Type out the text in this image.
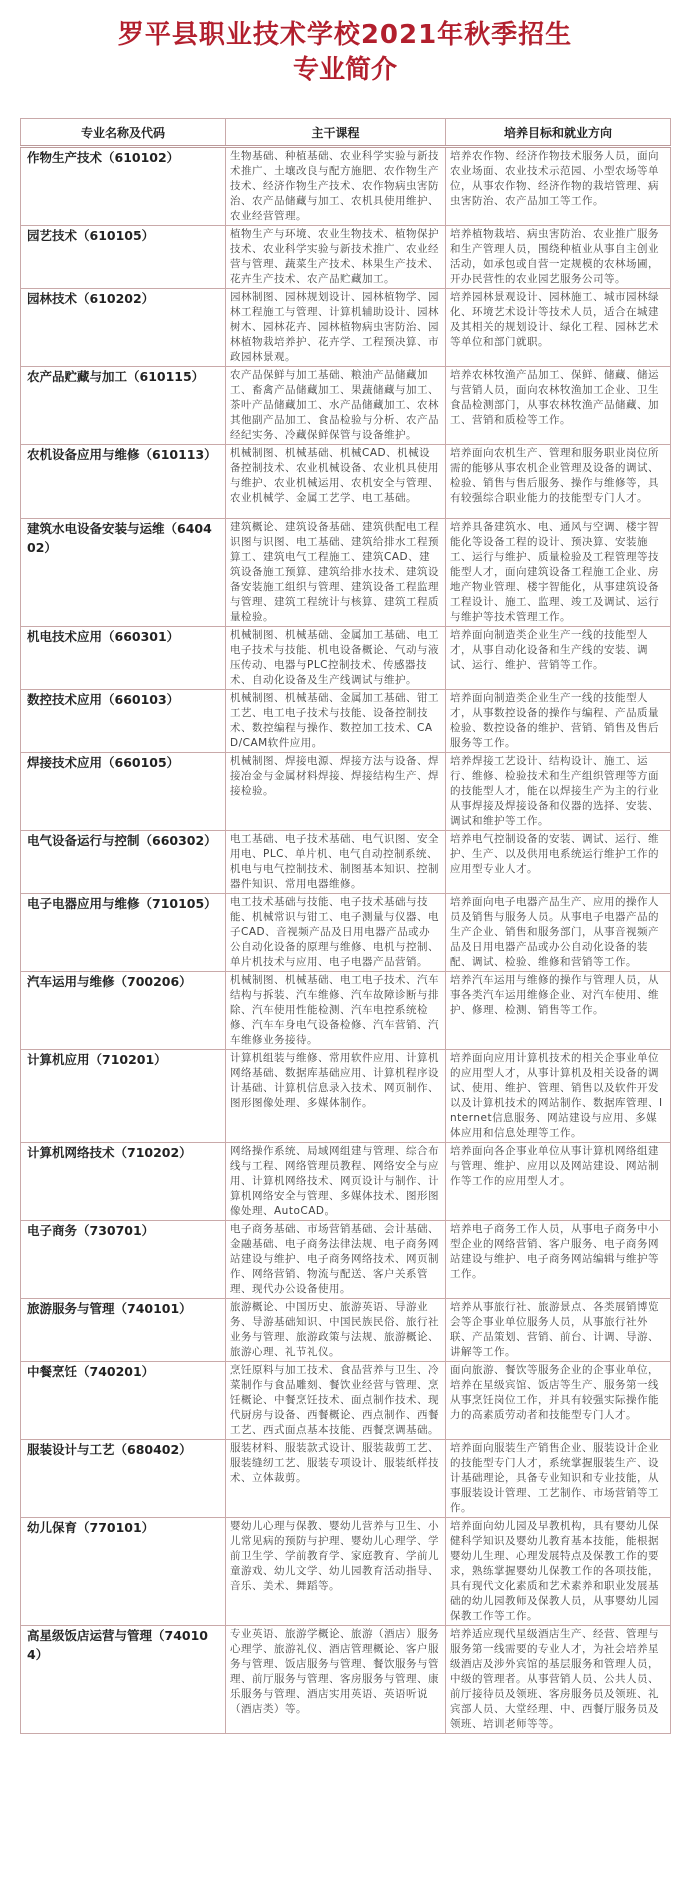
罗平县职业技术学校2021年秋季招生
专业简介
专业名称及代码	主干课程	培养目标和就业方向
作物生产技术（610102）	生物基础、种植基础、农业科学实验与新技术推广、土壤改良与配方施肥、农作物生产技术、经济作物生产技术、农作物病虫害防治、农产品储藏与加工、农机具使用维护、农业经营管理。	培养农作物、经济作物技术服务人员，面向农业场面、农业技术示范园、小型农场等单位，从事农作物、经济作物的栽培管理、病虫害防治、农产品加工等工作。
园艺技术（610105）	植物生产与环境、农业生物技术、植物保护技术、农业科学实验与新技术推广、农业经营与管理、蔬菜生产技术、林果生产技术、花卉生产技术、农产品贮藏加工。	培养植物栽培、病虫害防治、农业推广服务和生产管理人员，围绕种植业从事自主创业活动，如承包或自营一定规模的农林场圃，开办民营性的农业园艺服务公司等。
园林技术（610202）	园林制图、园林规划设计、园林植物学、园林工程施工与管理、计算机辅助设计、园林树木、园林花卉、园林植物病虫害防治、园林植物栽培养护、花卉学、工程预决算、市政园林景观。	培养园林景观设计、园林施工、城市园林绿化、环境艺术设计等技术人员，适合在城建及其相关的规划设计、绿化工程、园林艺术等单位和部门就职。
农产品贮藏与加工（610115）	农产品保鲜与加工基础、粮油产品储藏加工、畜禽产品储藏加工、果蔬储藏与加工、茶叶产品储藏加工、水产品储藏加工、农林其他副产品加工、食品检验与分析、农产品经纪实务、冷藏保鲜保管与设备维护。	培养农林牧渔产品加工、保鲜、储藏、储运与营销人员，面向农林牧渔加工企业、卫生食品检测部门，从事农林牧渔产品储藏、加工、营销和质检等工作。
农机设备应用与维修（610113）	机械制图、机械基础、机械CAD、机械设备控制技术、农业机械设备、农业机具使用与维护、农业机械运用、农机安全与管理、农业机械学、金属工艺学、电工基础。	培养面向农机生产、管理和服务职业岗位所需的能够从事农机企业管理及设备的调试、检验、销售与售后服务、操作与维修等，具有较强综合职业能力的技能型专门人才。
建筑水电设备安装与运维（640402）	建筑概论、建筑设备基础、建筑供配电工程识图与识图、电工基础、建筑给排水工程预算工、建筑电气工程施工、建筑CAD、建筑设备施工预算、建筑给排水技术、建筑设备安装施工组织与管理、建筑设备工程监理与管理、建筑工程统计与核算、建筑工程质量检验。	培养具备建筑水、电、通风与空调、楼宇智能化等设备工程的设计、预决算、安装施工、运行与维护、质量检验及工程管理等技能型人才，面向建筑设备工程施工企业、房地产物业管理、楼宇智能化，从事建筑设备工程设计、施工、监理、竣工及调试、运行与维护等技术管理工作。
机电技术应用（660301）	机械制图、机械基础、金属加工基础、电工电子技术与技能、机电设备概论、气动与液压传动、电器与PLC控制技术、传感器技术、自动化设备及生产线调试与维护。	培养面向制造类企业生产一线的技能型人才，从事自动化设备和生产线的安装、调试、运行、维护、营销等工作。
数控技术应用（660103）	机械制图、机械基础、金属加工基础、钳工工艺、电工电子技术与技能、设备控制技术、数控编程与操作、数控加工技术、CAD/CAM软件应用。	培养面向制造类企业生产一线的技能型人才，从事数控设备的操作与编程、产品质量检验、数控设备的维护、营销、销售及售后服务等工作。
焊接技术应用（660105）	机械制图、焊接电源、焊接方法与设备、焊接冶金与金属材料焊接、焊接结构生产、焊接检验。	培养焊接工艺设计、结构设计、施工、运行、维修、检验技术和生产组织管理等方面的技能型人才，能在以焊接生产为主的行业从事焊接及焊接设备和仪器的选择、安装、调试和维护等工作。
电气设备运行与控制（660302）	电工基础、电子技术基础、电气识图、安全用电、PLC、单片机、电气自动控制系统、机电与电气控制技术、制图基本知识、控制器件知识、常用电器维修。	培养电气控制设备的安装、调试、运行、维护、生产、以及供用电系统运行维护工作的应用型专业人才。
电子电器应用与维修（710105）	电工技术基础与技能、电子技术基础与技能、机械常识与钳工、电子测量与仪器、电子CAD、音视频产品及日用电器产品或办公自动化设备的原理与维修、电机与控制、单片机技术与应用、电子电器产品营销。	培养面向电子电器产品生产、应用的操作人员及销售与服务人员。从事电子电器产品的生产企业、销售和服务部门，从事音视频产品及日用电器产品或办公自动化设备的装配、调试、检验、维修和营销等工作。
汽车运用与维修（700206）	机械制图、机械基础、电工电子技术、汽车结构与拆装、汽车维修、汽车故障诊断与排除、汽车使用性能检测、汽车电控系统检修、汽车车身电气设备检修、汽车营销、汽车维修业务接待。	培养汽车运用与维修的操作与管理人员，从事各类汽车运用维修企业、对汽车使用、维护、修理、检测、销售等工作。
计算机应用（710201）	计算机组装与维修、常用软件应用、计算机网络基础、数据库基础应用、计算机程序设计基础、计算机信息录入技术、网页制作、图形图像处理、多媒体制作。	培养面向应用计算机技术的相关企事业单位的应用型人才，从事计算机及相关设备的调试、使用、维护、管理、销售以及软件开发以及计算机技术的网站制作、数据库管理、Internet信息服务、网站建设与应用、多媒体应用和信息处理等工作。
计算机网络技术（710202）	网络操作系统、局域网组建与管理、综合布线与工程、网络管理员教程、网络安全与应用、计算机网络技术、网页设计与制作、计算机网络安全与管理、多媒体技术、图形图像处理、AutoCAD。	培养面向各企事业单位从事计算机网络组建与管理、维护、应用以及网站建设、网站制作等工作的应用型人才。
电子商务（730701）	电子商务基础、市场营销基础、会计基础、金融基础、电子商务法律法规、电子商务网站建设与维护、电子商务网络技术、网页制作、网络营销、物流与配送、客户关系管理、现代办公设备使用。	培养电子商务工作人员，从事电子商务中小型企业的网络营销、客户服务、电子商务网站建设与维护、电子商务网站编辑与维护等工作。
旅游服务与管理（740101）	旅游概论、中国历史、旅游英语、导游业务、导游基础知识、中国民族民俗、旅行社业务与管理、旅游政策与法规、旅游概论、旅游心理、礼节礼仪。	培养从事旅行社、旅游景点、各类展销博览会等企事业单位服务人员，从事旅行社外联、产品策划、营销、前台、计调、导游、讲解等工作。
中餐烹饪（740201）	烹饪原料与加工技术、食品营养与卫生、冷菜制作与食品雕刻、餐饮业经营与管理、烹饪概论、中餐烹饪技术、面点制作技术、现代厨房与设备、西餐概论、西点制作、西餐工艺、西式面点基本技能、西餐烹调基础。	面向旅游、餐饮等服务企业的企事业单位，培养在星级宾馆、饭店等生产、服务第一线从事烹饪岗位工作，并具有较强实际操作能力的高素质劳动者和技能型专门人才。
服装设计与工艺（680402）	服装材料、服装款式设计、服装裁剪工艺、服装缝纫工艺、服装专项设计、服装纸样技术、立体裁剪。	培养面向服装生产销售企业、服装设计企业的技能型专门人才，系统掌握服装生产、设计基础理论，具备专业知识和专业技能，从事服装设计管理、工艺制作、市场营销等工作。
幼儿保育（770101）	婴幼儿心理与保教、婴幼儿营养与卫生、小儿常见病的预防与护理、婴幼儿心理学、学前卫生学、学前教育学、家庭教育、学前儿童游戏、幼儿文学、幼儿园教育活动指导、音乐、美术、舞蹈等。	培养面向幼儿园及早教机构，具有婴幼儿保健科学知识及婴幼儿教育基本技能，能根据婴幼儿生理、心理发展特点及保教工作的要求，熟练掌握婴幼儿保教工作的各项技能，具有现代文化素质和艺术素养和职业发展基础的幼儿园教师及保教人员，从事婴幼儿园保教工作等工作。
高星级饭店运营与管理（740104）	专业英语、旅游学概论、旅游（酒店）服务心理学、旅游礼仪、酒店管理概论、客户服务与管理、饭店服务与管理、餐饮服务与管理、前厅服务与管理、客房服务与管理、康乐服务与管理、酒店实用英语、英语听说（酒店类）等。	培养适应现代星级酒店生产、经营、管理与服务第一线需要的专业人才，为社会培养星级酒店及涉外宾馆的基层服务和管理人员，中级的管理者。从事营销人员、公共人员、前厅接待员及领班、客房服务员及领班、礼宾部人员、大堂经理、中、西餐厅服务员及领班、培训老师等等。
